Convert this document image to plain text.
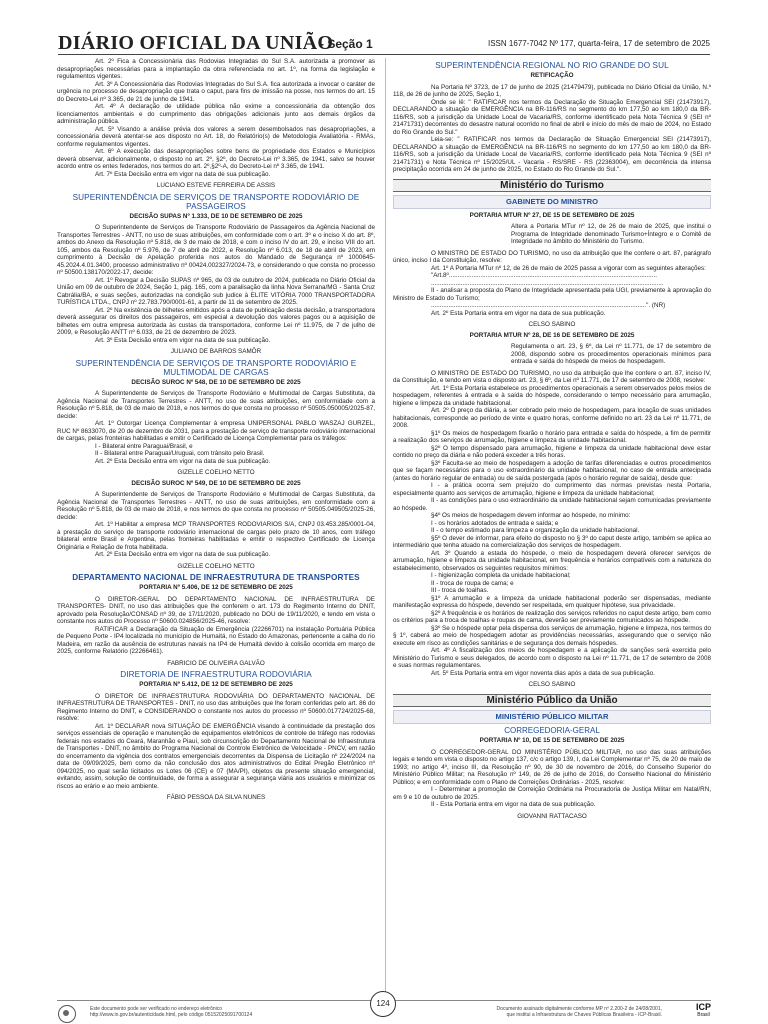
DIÁRIO OFICIAL DA UNIÃO
- Seção 1	ISSN 1677-7042 Nº 177, quarta-feira, 17 de setembro de 2025

Art. 2º Fica a Concessionária das Rodovias Integradas do Sul S.A. autorizada a promover as desapropriações necessárias para a implantação da obra referenciada no art. 1º, na forma da legislação e regulamentos vigentes.

Art. 3º A Concessionária das Rodovias Integradas do Sul S.A. fica autorizada a invocar o caráter de urgência no processo de desapropriação que trata o caput, para fins de imissão na posse, nos termos do art. 15 do Decreto-Lei nº 3.365, de 21 de junho de 1941.

Art. 4º A declaração de utilidade pública não exime a concessionária da obtenção dos licenciamentos ambientais e do cumprimento das obrigações adicionais junto aos demais órgãos da administração pública.

Art. 5º Visando a análise prévia dos valores a serem desembolsados nas desapropriações, a concessionária deverá atentar-se aos disposto no Art. 18, do Relatório(s) de Metodologia Avaliatória - RMAs, conforme regulamentos vigentes.

Art. 6º A execução das desapropriações sobre bens de propriedade dos Estados e Municípios deverá observar, adicionalmente, o disposto no art. 2º, §2º, do Decreto-Lei nº 3.365, de 1941, salvo se houver acordo entre os entes federados, nos termos do art. 2º,§2º-A, do Decreto-Lei nº 3.365, de 1941.

Art. 7º Esta Decisão entra em vigor na data de sua publicação.

LUCIANO ESTEVE FERREIRA DE ASSIS

SUPERINTENDÊNCIA DE SERVIÇOS DE TRANSPORTE RODOVIÁRIO DE PASSAGEIROS

DECISÃO SUPAS Nº 1.333, DE 10 DE SETEMBRO DE 2025

O Superintendente de Serviços de Transporte Rodoviário de Passageiros da Agência Nacional de Transportes Terrestres - ANTT, no uso de suas atribuições, em conformidade com o art. 3º e o inciso X do art. 8º, ambos do Anexo da Resolução nº 5.818, de 3 de maio de 2018, e com o inciso IV do art. 29, e inciso VIII do art. 105, ambos da Resolução nº 5.976, de 7 de abril de 2022, e Resolução nº 6.013, de 18 de abril de 2023, em cumprimento à Decisão de Apelação proferida nos autos do Mandado de Segurança nº 1000645-45.2024.4.01.3400, processo administrativo nº 00424.002327/2024-73, e considerando o que consta no processo nº 50500.138170/2022-17, decide:

Art. 1º Revogar a Decisão SUPAS nº 965, de 03 de outubro de 2024, publicada no Diário Oficial da União em 09 de outubro de 2024, Seção 1, pág. 165, com a paralisação da linha Nova Serrana/MG - Santa Cruz Cabrália/BA, e suas seções, autorizadas na condição sub judice à ELITE VITÓRIA 7000 TRANSPORTADORA TURÍSTICA LTDA., CNPJ nº 22.783.790/0001-61, a partir de 11 de setembro de 2025.

Art. 2º Na existência de bilhetes emitidos após a data de publicação desta decisão, a transportadora deverá assegurar os direitos dos passageiros, em especial a devolução dos valores pagos ou a aquisição de bilhetes em outra empresa autorizada às custas da transportadora, conforme Lei nº 11.975, de 7 de julho de 2009, e Resolução ANTT nº 6.033, de 21 de dezembro de 2023.

Art. 3º Esta Decisão entra em vigor na data de sua publicação.

JULIANO DE BARROS SAMÔR

SUPERINTENDÊNCIA DE SERVIÇOS DE TRANSPORTE RODOVIÁRIO E MULTIMODAL DE CARGAS

DECISÃO SUROC Nº 548, DE 10 DE SETEMBRO DE 2025

A Superintendente de Serviços de Transporte Rodoviário e Multimodal de Cargas Substituta, da Agência Nacional de Transportes Terrestres - ANTT, no uso de suas atribuições, em conformidade com a Resolução nº 5.818, de 03 de maio de 2018, e nos termos do que consta no processo nº 50505.050005/2025-87, decide:

Art. 1º Outorgar Licença Complementar à empresa UNIPERSONAL PABLO WASZAJ GURZEL, RUC Nº 8633070, de 20 de dezembro de 2031, para a prestação de serviço de transporte rodoviário internacional de cargas, pelas fronteiras habilitadas e emitir o Certificado de Licença Complementar para os tráfegos:

I - Bilateral entre Paraguai/Brasil, e

II - Bilateral entre Paraguai/Uruguai, com trânsito pelo Brasil.

Art. 2º Esta Decisão entra em vigor na data de sua publicação.

GIZELLE COELHO NETTO

DECISÃO SUROC Nº 549, DE 10 DE SETEMBRO DE 2025

A Superintendente de Serviços de Transporte Rodoviário e Multimodal de Cargas Substituta, da Agência Nacional de Transportes Terrestres - ANTT, no uso de suas atribuições, em conformidade com a Resolução nº 5.818, de 03 de maio de 2018, e nos termos do que consta no processo nº 50505.049505/2025-26, decide:

Art. 1º Habilitar a empresa MCP TRANSPORTES RODOVIARIOS S/A, CNPJ 03.453.285/0001-04, à prestação do serviço de transporte rodoviário internacional de cargas pelo prazo de 10 anos, com tráfego bilateral entre Brasil e Argentina, pelas fronteiras habilitadas e emitir o respectivo Certificado de Licença Originária e Relação de frota habilitada.

Art. 2º Esta Decisão entra em vigor na data de sua publicação.

GIZELLE COELHO NETTO

DEPARTAMENTO NACIONAL DE INFRAESTRUTURA DE TRANSPORTES

PORTARIA Nº 5.406, DE 12 DE SETEMBRO DE 2025

O DIRETOR-GERAL DO DEPARTAMENTO NACIONAL DE INFRAESTRUTURA DE TRANSPORTES- DNIT, no uso das atribuições que lhe conferem o art. 173 do Regimento Interno do DNIT, aprovado pela Resolução/CONSAD nº 39, de 17/11/2020, publicado no DOU de 19/11/2020, e tendo em vista o constante nos autos do Processo nº 50600.024856/2025-46, resolve:

RATIFICAR a Declaração da Situação de Emergência (22266701) na instalação Portuária Pública de Pequeno Porte - IP4 localizada no município de Humaitá, no Estado do Amazonas, pertencente a calha do rio Madeira, em razão da ausência de estruturas navais na IP4 de Humaitá devido à colisão ocorrida em março de 2025, conforme Relatório (22266461).

FABRICIO DE OLIVEIRA GALVÃO

DIRETORIA DE INFRAESTRUTURA RODOVIÁRIA

PORTARIA Nº 5.412, DE 12 DE SETEMBRO DE 2025

O DIRETOR DE INFRAESTRUTURA RODOVIÁRIA DO DEPARTAMENTO NACIONAL DE INFRAESTRUTURA DE TRANSPORTES - DNIT, no uso das atribuições que lhe foram conferidas pelo art. 86 do Regimento Interno do DNIT, e CONSIDERANDO o constante nos autos do processo nº 50600.017724/2025-68, resolve:

Art. 1º DECLARAR nova SITUAÇÃO DE EMERGÊNCIA visando à continuidade da prestação dos serviços essenciais de operação e manutenção de equipamentos eletrônicos de controle de tráfego nas rodovias federais nos estados do Ceará, Maranhão e Piauí, sob circunscrição do Departamento Nacional de Infraestrutura de Transportes - DNIT, no âmbito do Programa Nacional de Controle Eletrônico de Velocidade - PNCV, em razão do encerramento da vigência dos contratos emergenciais decorrentes da Dispensa de Licitação nº 224/2024 na data de 09/09/2025, bem como da não conclusão dos atos administrativos do Edital Pregão Eletrônico nº 094/2025, no qual serão licitados os Lotes 06 (CE) e 07 (MA/PI), objetos da presente situação emergencial, evitando, assim, solução de continuidade, de forma a assegurar a segurança viária aos usuários e minimizar os riscos ao erário e ao meio ambiente.

FÁBIO PESSOA DA SILVA NUNES

SUPERINTENDÊNCIA REGIONAL NO RIO GRANDE DO SUL

RETIFICAÇÃO

Na Portaria Nº 3723, de 17 de junho de 2025 (21479479), publicada no Diário Oficial da União, N.º 118, de 26 de junho de 2025, Seção 1,

Onde se lê: " RATIFICAR nos termos da Declaração de Situação Emergencial SEI (21473917), DECLARANDO a situação de EMERGÊNCIA na BR-116/RS no segmento do km 177,50 ao km 180,0 da BR-116/RS, sob a jurisdição da Unidade Local de Vacaria/RS, conforme identificado pela Nota Técnica 9 (SEI nº 21471731) decorrentes do desastre natural ocorrido no final de abril e início do mês de maio de 2024, no Estado do Rio Grande do Sul."

Leia-se: " RATIFICAR nos termos da Declaração de Situação Emergencial SEI (21473917), DECLARANDO a situação de EMERGÊNCIA na BR-116/RS no segmento do km 177,50 ao km 180,0 da BR-116/RS, sob a jurisdição da Unidade Local de Vacaria/RS, conforme identificado pela Nota Técnica 9 (SEI nº 21471731) e Nota Técnica nº 15/2025/UL - Vacaria - RS/SRE - RS (22363004), em decorrência da intensa precipitação ocorrida em 24 de junho de 2025, no Estado do Rio Grande do Sul.".

Ministério do Turismo
GABINETE DO MINISTRO

PORTARIA MTUR Nº 27, DE 15 DE SETEMBRO DE 2025

Altera a Portaria MTur nº 12, de 26 de maio de 2025, que institui o Programa de Integridade denominado Turismo+Íntegro e o Comitê de Integridade no âmbito do Ministério do Turismo.

O MINISTRO DE ESTADO DO TURISMO, no uso da atribuição que lhe confere o art. 87, parágrafo único, inciso I da Constituição, resolve:

Art. 1º A Portaria MTur nº 12, de 26 de maio de 2025 passa a vigorar com as seguintes alterações:

"Art.8º.......................................................................................................................

.....................................................................................................................................

II - analisar a proposta do Plano de Integridade apresentada pela UGI, previamente à aprovação do Ministro de Estado do Turismo;

...........................................................................................................................". (NR)

Art. 2º Esta Portaria entra em vigor na data de sua publicação.

CELSO SABINO

PORTARIA MTUR Nº 28, DE 16 DE SETEMBRO DE 2025

Regulamenta o art. 23, § 6º, da Lei nº 11.771, de 17 de setembro de 2008, dispondo sobre os procedimentos operacionais mínimos para entrada e saída do hóspede de meios de hospedagem.

O MINISTRO DE ESTADO DO TURISMO, no uso da atribuição que lhe confere o art. 87, inciso IV, da Constituição, e tendo em vista o disposto art. 23, § 6º, da Lei nº 11.771, de 17 de setembro de 2008, resolve:

Art. 1º Esta Portaria estabelece os procedimentos operacionais a serem observados pelos meios de hospedagem, referentes à entrada e à saída do hóspede, considerando o tempo necessário para arrumação, higiene e limpeza da unidade habitacional.

Art. 2º O preço da diária, a ser cobrado pelo meio de hospedagem, para locação de suas unidades habitacionais, corresponde ao período de vinte e quatro horas, conforme definido no art. 23 da Lei nº 11.771, de 2008.

§1º Os meios de hospedagem fixarão o horário para entrada e saída do hóspede, a fim de permitir a realização dos serviços de arrumação, higiene e limpeza da unidade habitacional.

§2º O tempo dispensado para arrumação, higiene e limpeza da unidade habitacional deve estar contido no preço da diária e não poderá exceder a três horas.

§3º Faculta-se ao meio de hospedagem a adoção de tarifas diferenciadas e outros procedimentos que se façam necessários para o uso extraordinário da unidade habitacional, no caso de entrada antecipada (antes do horário regular de entrada) ou de saída postergada (após o horário regular de saída), desde que:

I - a prática ocorra sem prejuízo do cumprimento das normas previstas nesta Portaria, especialmente quanto aos serviços de arrumação, higiene e limpeza da unidade habitacional;

II - as condições para o uso extraordinário da unidade habitacional sejam comunicadas previamente ao hóspede.

§4º Os meios de hospedagem devem informar ao hóspede, no mínimo:

I - os horários adotados de entrada e saída; e

II - o tempo estimado para limpeza e organização da unidade habitacional.

§5º O dever de informar, para efeito do disposto no § 3º do caput deste artigo, também se aplica ao intermediário que tenha atuado na comercialização dos serviços de hospedagem.

Art. 3º Quando a estada do hóspede, o meio de hospedagem deverá oferecer serviços de arrumação, higiene e limpeza da unidade habitacional, em frequência e horários compatíveis com a natureza do estabelecimento, observados os seguintes requisitos mínimos:

I - higienização completa da unidade habitacional;

II - troca de roupa de cama; e

III - troca de toalhas.

§1º A arrumação e a limpeza da unidade habitacional poderão ser dispensadas, mediante manifestação expressa do hóspede, devendo ser respeitada, em qualquer hipótese, sua privacidade.

§2º A frequência e os horários de realização dos serviços referidos no caput deste artigo, bem como os critérios para a troca de toalhas e roupas de cama, deverão ser previamente comunicados ao hóspede.

§3º Se o hóspede optar pela dispensa dos serviços de arrumação, higiene e limpeza, nos termos do § 1º, caberá ao meio de hospedagem adotar as providências necessárias, assegurando que o serviço não execute em risco as condições sanitárias e de segurança dos demais hóspedes.

Art. 4º A fiscalização dos meios de hospedagem e a aplicação de sanções será exercida pelo Ministério do Turismo e seus delegados, de acordo com o disposto na Lei nº 11.771, de 17 de setembro de 2008 e suas normas regulamentares.

Art. 5º Esta Portaria entra em vigor noventa dias após a data de sua publicação.

CELSO SABINO

Ministério Público da União
MINISTÉRIO PÚBLICO MILITAR
CORREGEDORIA-GERAL

PORTARIA Nº 10, DE 15 DE SETEMBRO DE 2025

O CORREGEDOR-GERAL DO MINISTÉRIO PÚBLICO MILITAR, no uso das suas atribuições legais e tendo em vista o disposto no artigo 137, c/c o artigo 139, I, da Lei Complementar nº 75, de 20 de maio de 1993; no artigo 4º, inciso III, da Resolução nº 90, de 30 de novembro de 2016, do Conselho Superior do Ministério Público Militar; na Resolução nº 149, de 26 de julho de 2016, do Conselho Nacional do Ministério Público; e em conformidade com o Plano de Correições Ordinárias - 2025, resolve:

I - Determinar a promoção de Correição Ordinária na Procuradoria de Justiça Militar em Natal/RN, em 9 e 10 de outubro de 2025.

II - Esta Portaria entra em vigor na data de sua publicação.

GIOVANNI RATTACASO

Este documento pode ser verificado no endereço eletrônico
http://www.in.gov.br/autenticidade.html, pelo código 05152025091700124
124
Documento assinado digitalmente conforme MP nº 2.200-2 de 24/08/2001,
que institui a Infraestrutura de Chaves Públicas Brasileira - ICP-Brasil.
ICP
Brasil
